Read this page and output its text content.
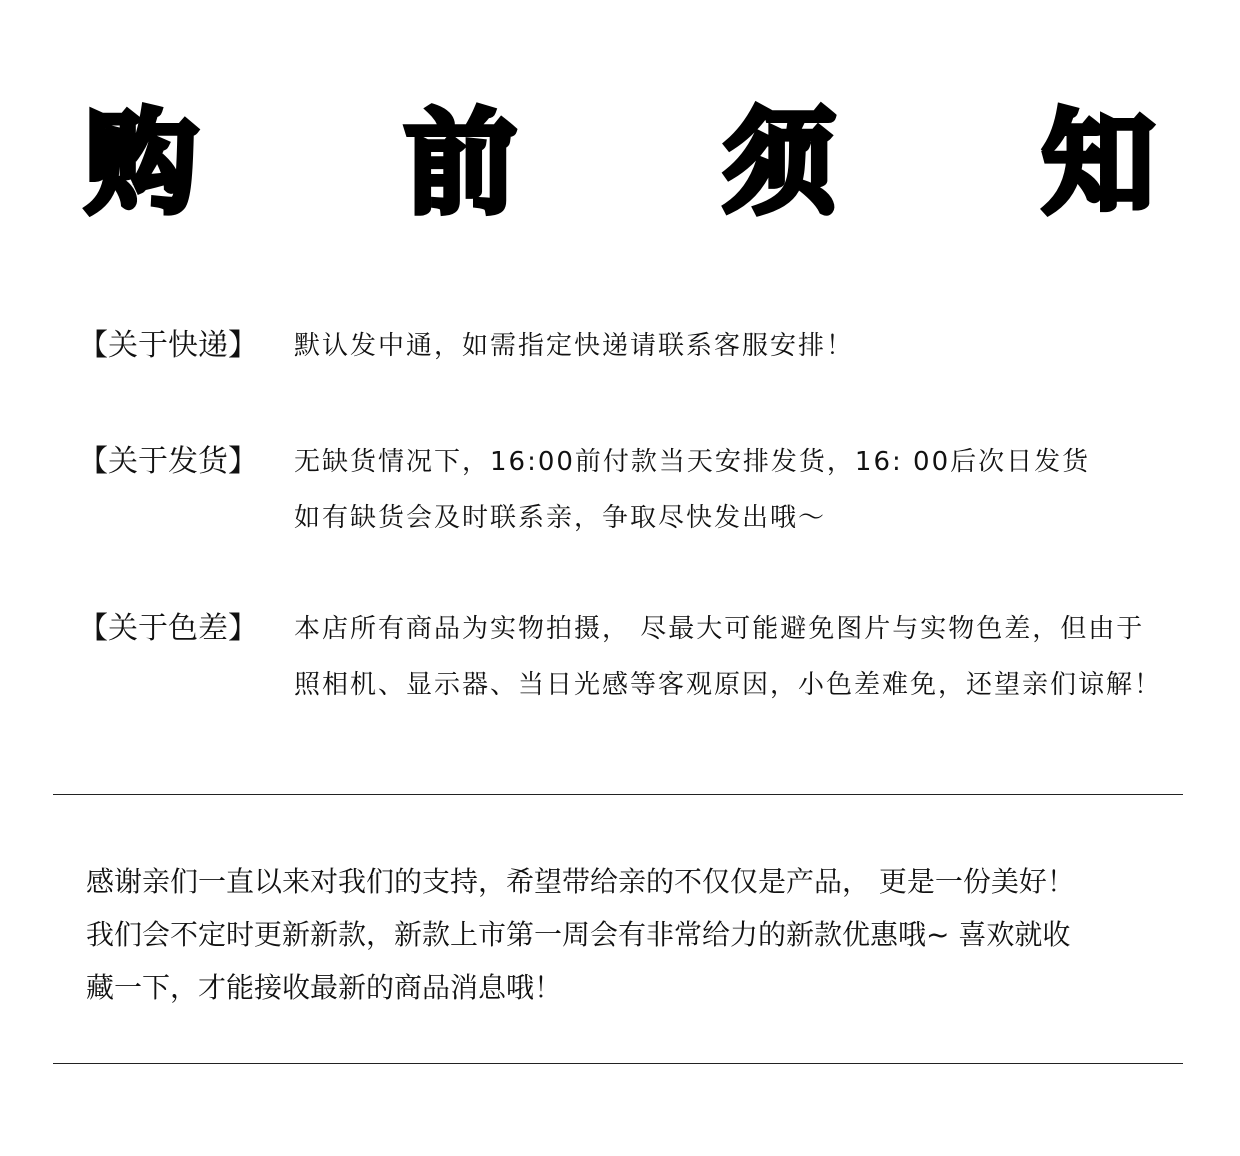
购 前 须 知
【关于快递】 默认发中通，如需指定快递请联系客服安排！
【关于发货】 无缺货情况下，16:00前付款当天安排发货，16: 00后次日发货
如有缺货会及时联系亲，争取尽快发出哦～
【关于色差】 本店所有商品为实物拍摄， 尽最大可能避免图片与实物色差，但由于
照相机、显示器、当日光感等客观原因，小色差难免，还望亲们谅解！
感谢亲们一直以来对我们的支持，希望带给亲的不仅仅是产品， 更是一份美好！
我们会不定时更新新款，新款上市第一周会有非常给力的新款优惠哦~ 喜欢就收
藏一下，才能接收最新的商品消息哦！
